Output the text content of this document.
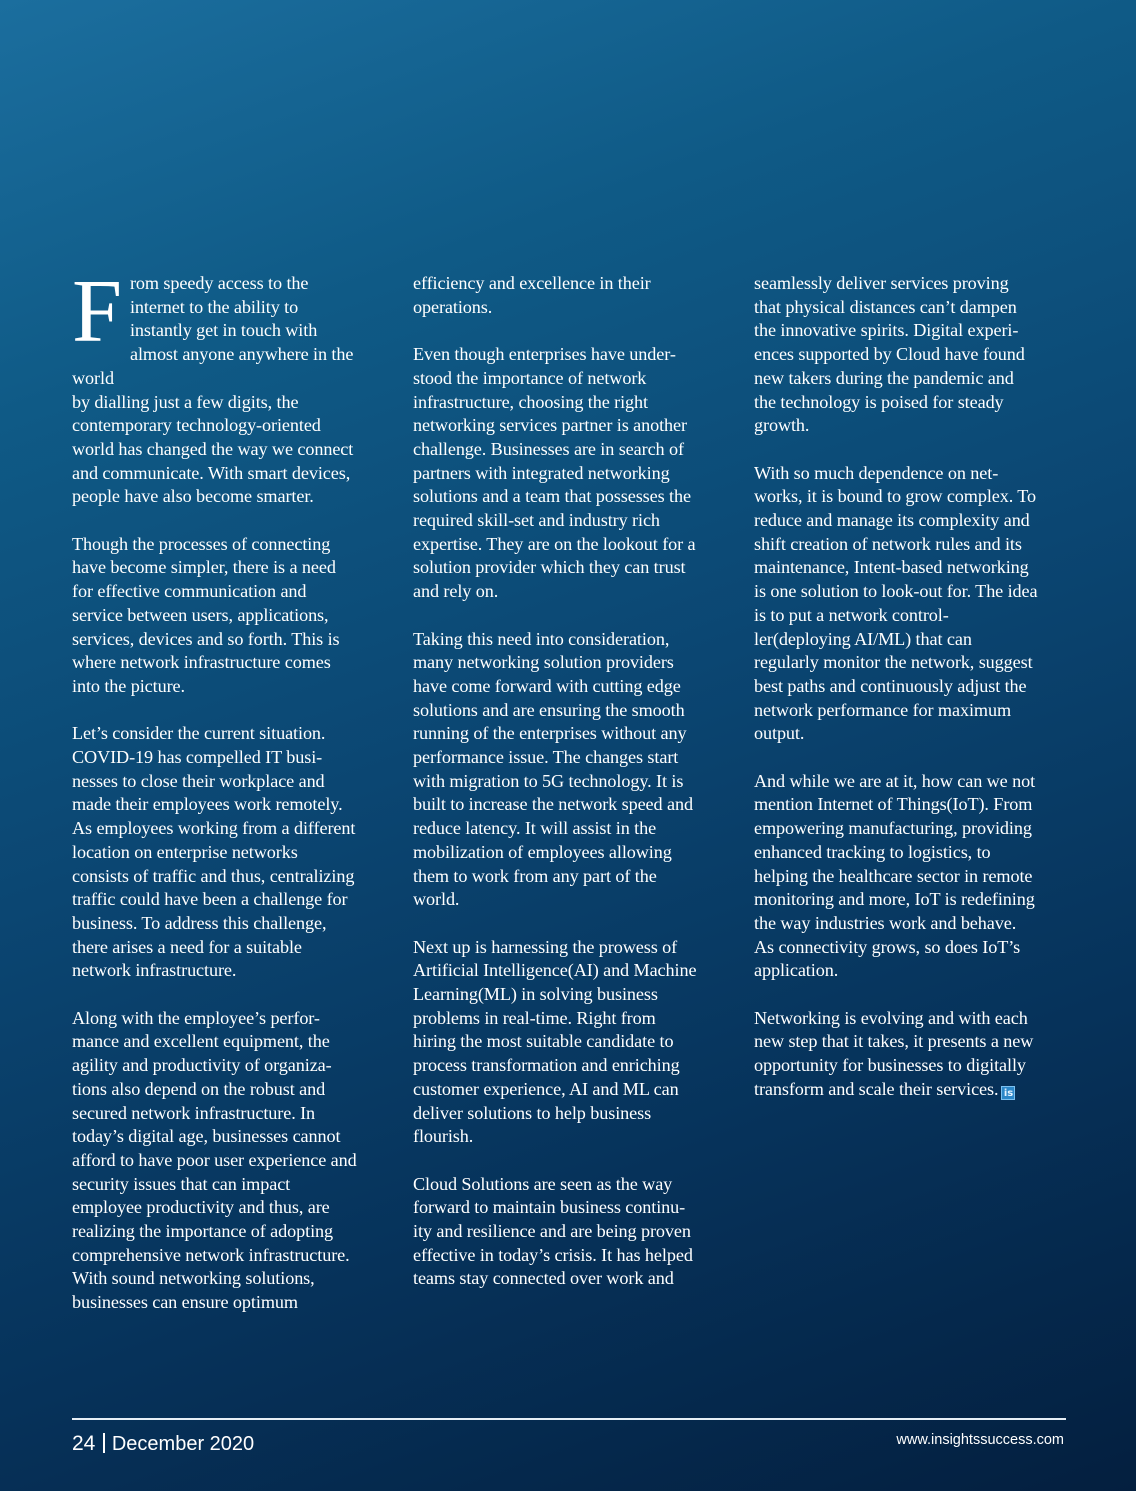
From speedy access to the
internet to the ability to
instantly get in touch with
almost anyone anywhere in the world
by dialling just a few digits, the
contemporary technology-oriented
world has changed the way we connect
and communicate. With smart devices,
people have also become smarter.

Though the processes of connecting
have become simpler, there is a need
for effective communication and
service between users, applications,
services, devices and so forth. This is
where network infrastructure comes
into the picture.

Let’s consider the current situation.
COVID-19 has compelled IT busi-
nesses to close their workplace and
made their employees work remotely.
As employees working from a different
location on enterprise networks
consists of traffic and thus, centralizing
traffic could have been a challenge for
business. To address this challenge,
there arises a need for a suitable
network infrastructure.

Along with the employee’s perfor-
mance and excellent equipment, the
agility and productivity of organiza-
tions also depend on the robust and
secured network infrastructure. In
today’s digital age, businesses cannot
afford to have poor user experience and
security issues that can impact
employee productivity and thus, are
realizing the importance of adopting
comprehensive network infrastructure.
With sound networking solutions,
businesses can ensure optimum

efficiency and excellence in their
operations.

Even though enterprises have under-
stood the importance of network
infrastructure, choosing the right
networking services partner is another
challenge. Businesses are in search of
partners with integrated networking
solutions and a team that possesses the
required skill-set and industry rich
expertise. They are on the lookout for a
solution provider which they can trust
and rely on.

Taking this need into consideration,
many networking solution providers
have come forward with cutting edge
solutions and are ensuring the smooth
running of the enterprises without any
performance issue. The changes start
with migration to 5G technology. It is
built to increase the network speed and
reduce latency. It will assist in the
mobilization of employees allowing
them to work from any part of the
world.

Next up is harnessing the prowess of
Artificial Intelligence(AI) and Machine
Learning(ML) in solving business
problems in real-time. Right from
hiring the most suitable candidate to
process transformation and enriching
customer experience, AI and ML can
deliver solutions to help business
flourish.

Cloud Solutions are seen as the way
forward to maintain business continu-
ity and resilience and are being proven
effective in today’s crisis. It has helped
teams stay connected over work and

seamlessly deliver services proving
that physical distances can’t dampen
the innovative spirits. Digital experi-
ences supported by Cloud have found
new takers during the pandemic and
the technology is poised for steady
growth.

With so much dependence on net-
works, it is bound to grow complex. To
reduce and manage its complexity and
shift creation of network rules and its
maintenance, Intent-based networking
is one solution to look-out for. The idea
is to put a network control-
ler(deploying AI/ML) that can
regularly monitor the network, suggest
best paths and continuously adjust the
network performance for maximum
output.

And while we are at it, how can we not
mention Internet of Things(IoT). From
empowering manufacturing, providing
enhanced tracking to logistics, to
helping the healthcare sector in remote
monitoring and more, IoT is redefining
the way industries work and behave.
As connectivity grows, so does IoT’s
application.

Networking is evolving and with each
new step that it takes, it presents a new
opportunity for businesses to digitally
transform and scale their services. is

24 December 2020	www.insightssuccess.com
